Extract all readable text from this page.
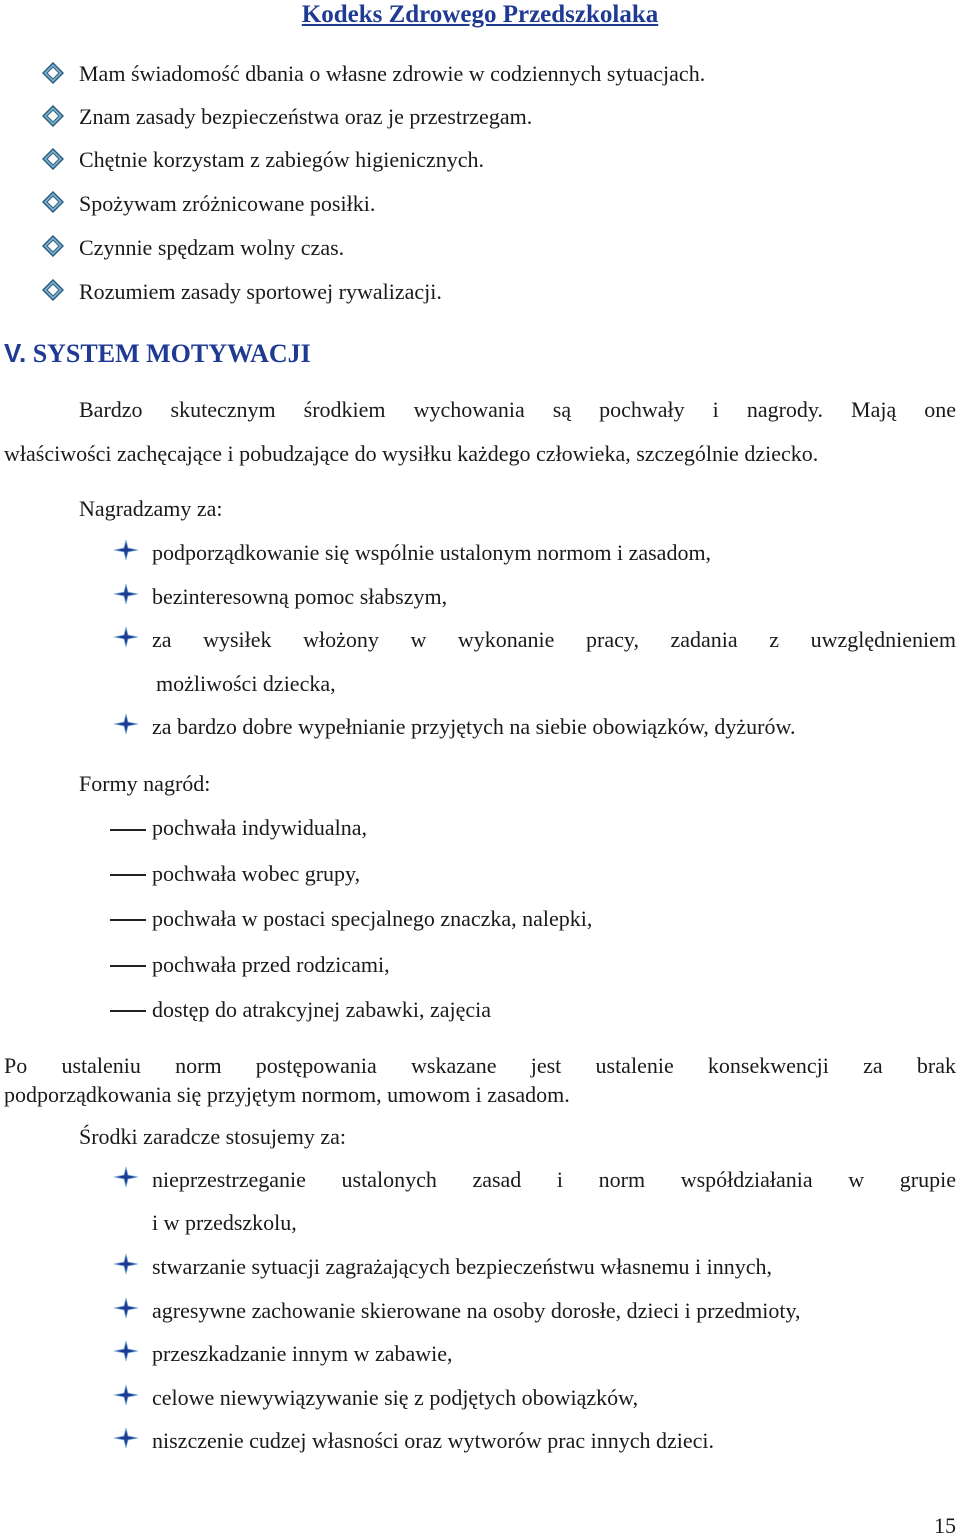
Kodeks Zdrowego Przedszkolaka
Mam świadomość dbania o własne zdrowie w codziennych sytuacjach.
Znam zasady bezpieczeństwa oraz je przestrzegam.
Chętnie korzystam z zabiegów higienicznych.
Spożywam zróżnicowane posiłki.
Czynnie spędzam wolny czas.
Rozumiem zasady sportowej rywalizacji.
V. SYSTEM MOTYWACJI
Bardzo skutecznym środkiem wychowania są pochwały i nagrody. Mają one
właściwości zachęcające i pobudzające do wysiłku każdego człowieka, szczególnie dziecko.
Nagradzamy za:
podporządkowanie się wspólnie ustalonym normom i zasadom,
bezinteresowną pomoc słabszym,
za wysiłek włożony w wykonanie pracy, zadania z uwzględnieniem
możliwości dziecka,
za bardzo dobre wypełnianie przyjętych na siebie obowiązków, dyżurów.
Formy nagród:
pochwała indywidualna,
pochwała wobec grupy,
pochwała w postaci specjalnego znaczka, nalepki,
pochwała przed rodzicami,
dostęp do atrakcyjnej zabawki, zajęcia
Po ustaleniu norm postępowania wskazane jest ustalenie konsekwencji za brak
podporządkowania się przyjętym normom, umowom i zasadom.
Środki zaradcze stosujemy za:
nieprzestrzeganie ustalonych zasad i norm współdziałania w grupie
i w przedszkolu,
stwarzanie sytuacji zagrażających bezpieczeństwu własnemu i innych,
agresywne zachowanie skierowane na osoby dorosłe, dzieci i przedmioty,
przeszkadzanie innym w zabawie,
celowe niewywiązywanie się z podjętych obowiązków,
niszczenie cudzej własności oraz wytworów prac innych dzieci.
15
